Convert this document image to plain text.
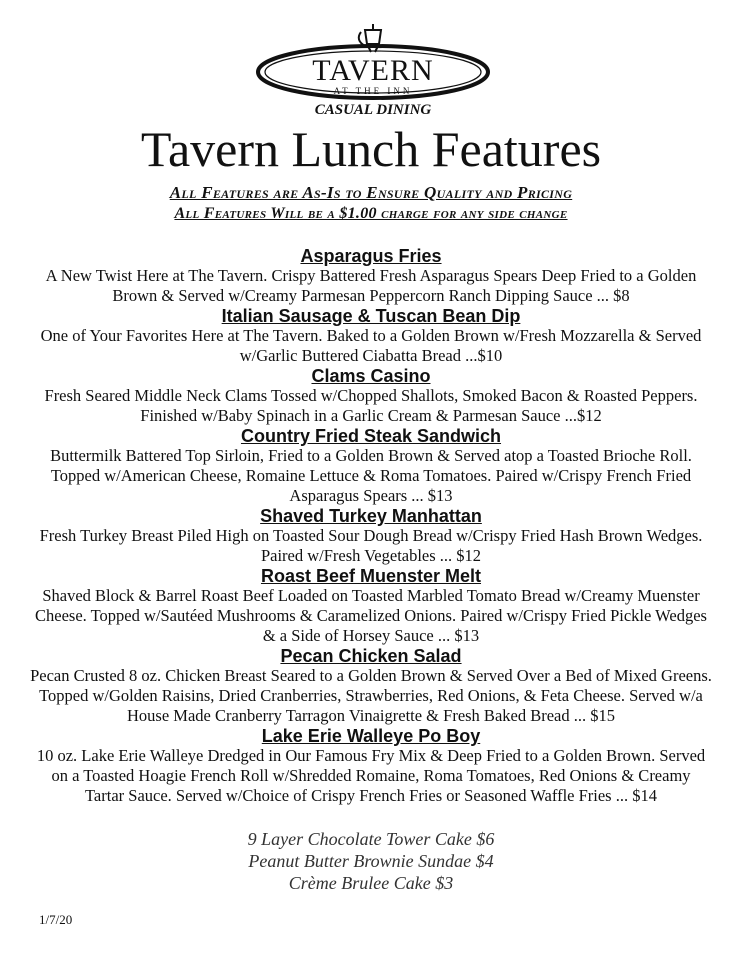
TAVERN
AT THE INN
CASUAL DINING
Tavern Lunch Features
All Features are As-Is to Ensure Quality and Pricing
All Features Will be a $1.00 charge for any side change
Asparagus Fries
A New Twist Here at The Tavern. Crispy Battered Fresh Asparagus Spears Deep Fried to a Golden Brown & Served w/Creamy Parmesan Peppercorn Ranch Dipping Sauce ... $8
Italian Sausage & Tuscan Bean Dip
One of Your Favorites Here at The Tavern. Baked to a Golden Brown w/Fresh Mozzarella & Served w/Garlic Buttered Ciabatta Bread ...$10
Clams Casino
Fresh Seared Middle Neck Clams Tossed w/Chopped Shallots, Smoked Bacon & Roasted Peppers. Finished w/Baby Spinach in a Garlic Cream & Parmesan Sauce ...$12
Country Fried Steak Sandwich
Buttermilk Battered Top Sirloin, Fried to a Golden Brown & Served atop a Toasted Brioche Roll. Topped w/American Cheese, Romaine Lettuce & Roma Tomatoes. Paired w/Crispy French Fried Asparagus Spears ... $13
Shaved Turkey Manhattan
Fresh Turkey Breast Piled High on Toasted Sour Dough Bread w/Crispy Fried Hash Brown Wedges. Paired w/Fresh Vegetables ... $12
Roast Beef Muenster Melt
Shaved Block & Barrel Roast Beef Loaded on Toasted Marbled Tomato Bread w/Creamy Muenster Cheese. Topped w/Sautéed Mushrooms & Caramelized Onions. Paired w/Crispy Fried Pickle Wedges & a Side of Horsey Sauce ... $13
Pecan Chicken Salad
Pecan Crusted 8 oz. Chicken Breast Seared to a Golden Brown & Served Over a Bed of Mixed Greens. Topped w/Golden Raisins, Dried Cranberries, Strawberries, Red Onions, & Feta Cheese. Served w/a House Made Cranberry Tarragon Vinaigrette & Fresh Baked Bread ... $15
Lake Erie Walleye Po Boy
10 oz. Lake Erie Walleye Dredged in Our Famous Fry Mix & Deep Fried to a Golden Brown. Served on a Toasted Hoagie French Roll w/Shredded Romaine, Roma Tomatoes, Red Onions & Creamy Tartar Sauce. Served w/Choice of Crispy French Fries or Seasoned Waffle Fries ... $14
9 Layer Chocolate Tower Cake $6
Peanut Butter Brownie Sundae $4
Crème Brulee Cake $3
1/7/20
